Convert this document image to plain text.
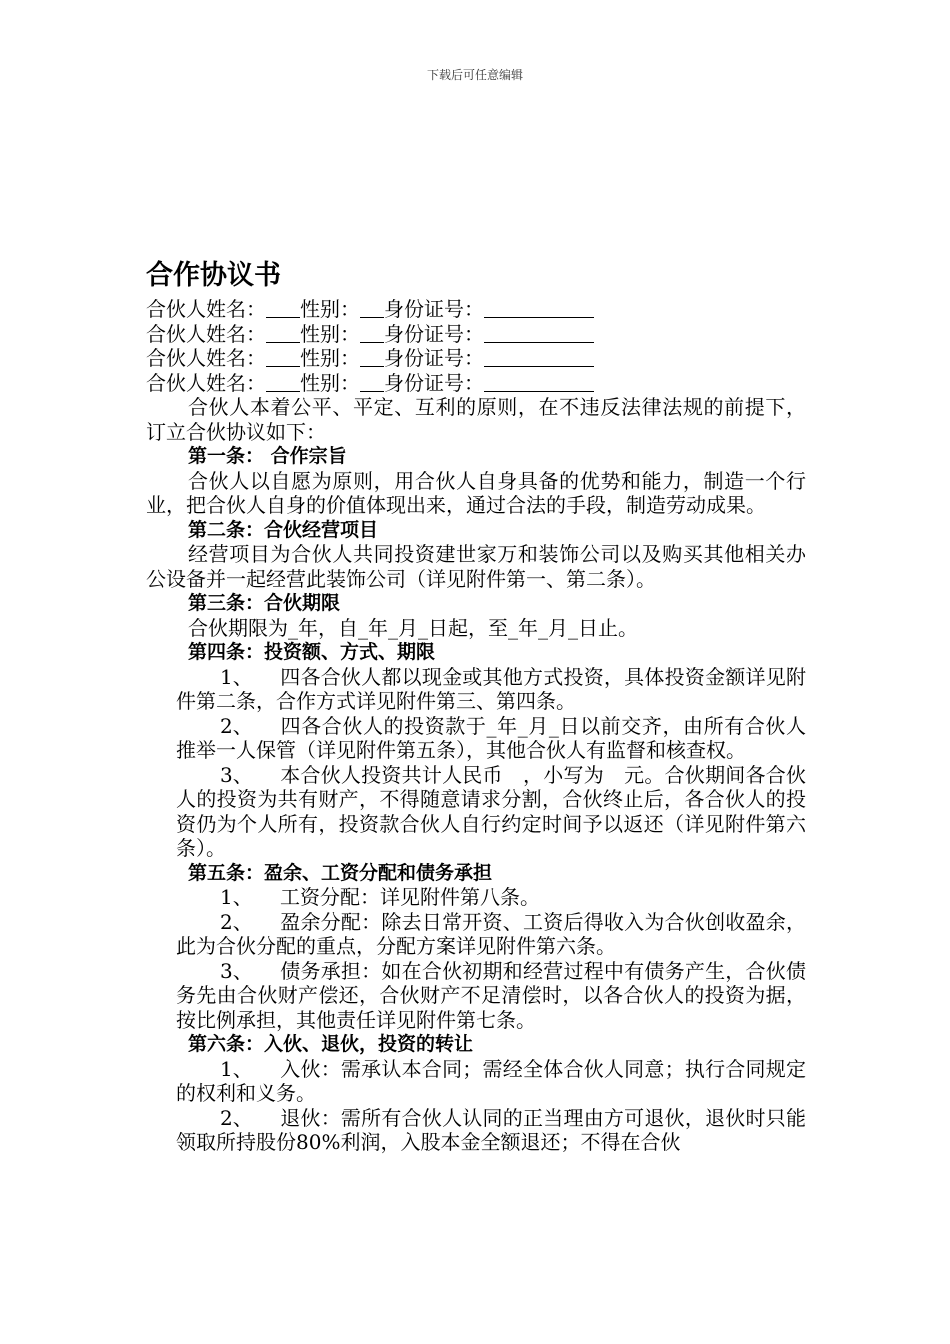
下载后可任意编辑
合作协议书
合伙人姓名： 性别： 身份证号：
合伙人姓名： 性别： 身份证号：
合伙人姓名： 性别： 身份证号：
合伙人姓名： 性别： 身份证号：

合伙人本着公平、平定、互利的原则，在不违反法律法规的前提下，订立合伙协议如下：

第一条： 合作宗旨

合伙人以自愿为原则，用合伙人自身具备的优势和能力，制造一个行业，把合伙人自身的价值体现出来，通过合法的手段，制造劳动成果。

第二条：合伙经营项目

经营项目为合伙人共同投资建世家万和装饰公司以及购买其他相关办公设备并一起经营此装饰公司（详见附件第一、第二条）。

第三条：合伙期限

合伙期限为_年，自_年_月_日起，至_年_月_日止。

第四条：投资额、方式、期限

1、 四各合伙人都以现金或其他方式投资，具体投资金额详见附件第二条，合作方式详见附件第三、第四条。

2、 四各合伙人的投资款于_年_月_日以前交齐，由所有合伙人推举一人保管（详见附件第五条），其他合伙人有监督和核查权。

3、 本合伙人投资共计人民币　，小写为　元。合伙期间各合伙人的投资为共有财产，不得随意请求分割，合伙终止后，各合伙人的投资仍为个人所有，投资款合伙人自行约定时间予以返还（详见附件第六条）。

第五条：盈余、工资分配和债务承担

1、 工资分配：详见附件第八条。

2、 盈余分配：除去日常开资、工资后得收入为合伙创收盈余，此为合伙分配的重点，分配方案详见附件第六条。

3、 债务承担：如在合伙初期和经营过程中有债务产生，合伙债务先由合伙财产偿还，合伙财产不足清偿时，以各合伙人的投资为据，按比例承担，其他责任详见附件第七条。

第六条：入伙、退伙，投资的转让

1、 入伙：需承认本合同；需经全体合伙人同意；执行合同规定的权利和义务。

2、 退伙：需所有合伙人认同的正当理由方可退伙，退伙时只能领取所持股份80%利润，入股本金全额退还；不得在合伙
